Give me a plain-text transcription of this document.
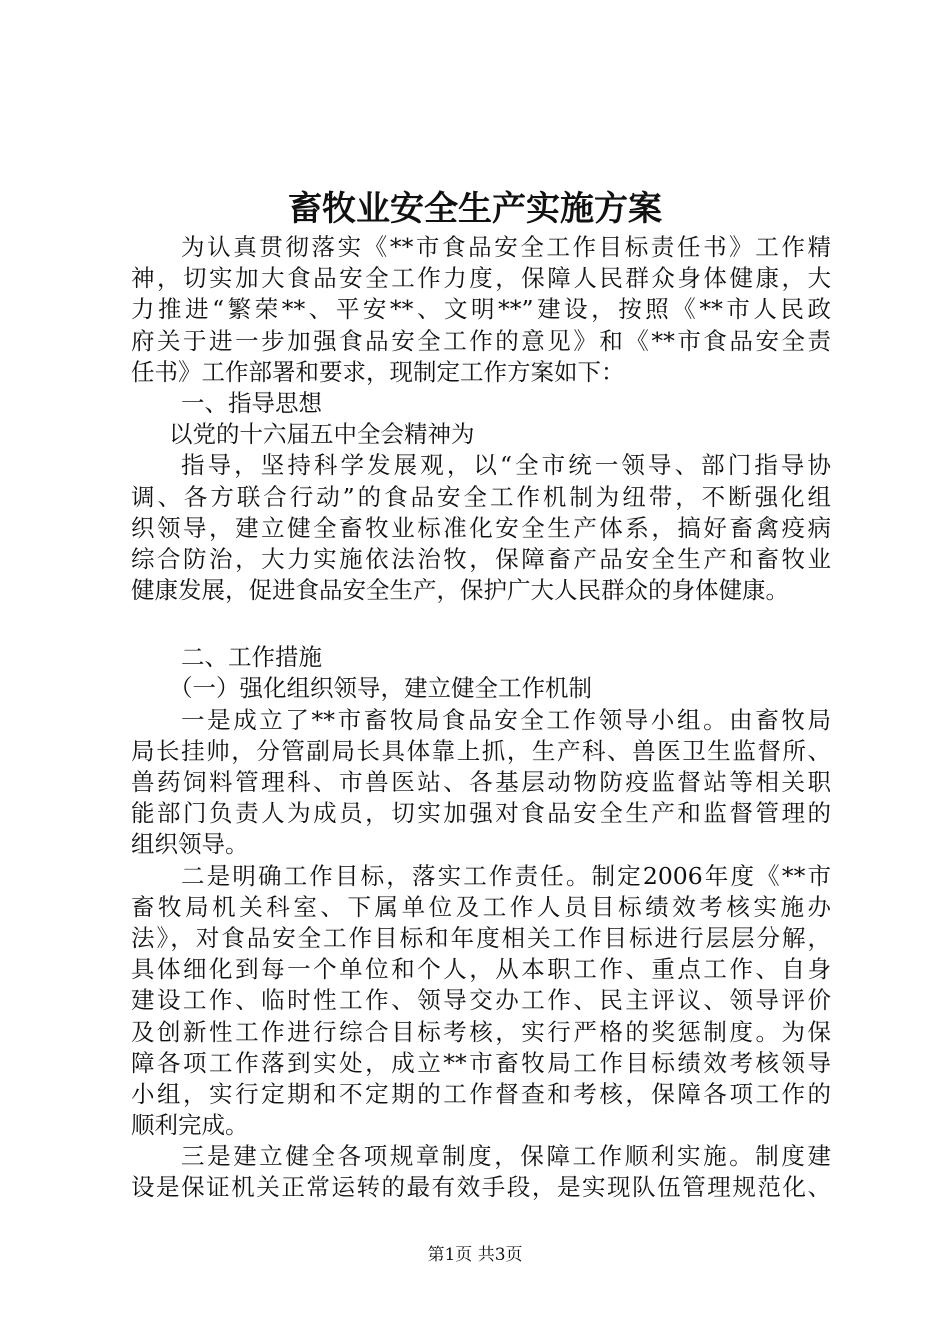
畜牧业安全生产实施方案
为认真贯彻落实《**市食品安全工作目标责任书》工作精
神，切实加大食品安全工作力度，保障人民群众身体健康，大
力推进“繁荣**、平安**、文明**”建设，按照《**市人民政
府关于进一步加强食品安全工作的意见》和《**市食品安全责
任书》工作部署和要求，现制定工作方案如下：
一、指导思想
以党的十六届五中全会精神为
指导，坚持科学发展观，以“全市统一领导、部门指导协
调、各方联合行动”的食品安全工作机制为纽带，不断强化组
织领导，建立健全畜牧业标准化安全生产体系，搞好畜禽疫病
综合防治，大力实施依法治牧，保障畜产品安全生产和畜牧业
健康发展，促进食品安全生产，保护广大人民群众的身体健康。
二、工作措施
（一）强化组织领导，建立健全工作机制
一是成立了**市畜牧局食品安全工作领导小组。由畜牧局
局长挂帅，分管副局长具体靠上抓，生产科、兽医卫生监督所、
兽药饲料管理科、市兽医站、各基层动物防疫监督站等相关职
能部门负责人为成员，切实加强对食品安全生产和监督管理的
组织领导。
二是明确工作目标，落实工作责任。制定2006年度《**市
畜牧局机关科室、下属单位及工作人员目标绩效考核实施办
法》，对食品安全工作目标和年度相关工作目标进行层层分解，
具体细化到每一个单位和个人，从本职工作、重点工作、自身
建设工作、临时性工作、领导交办工作、民主评议、领导评价
及创新性工作进行综合目标考核，实行严格的奖惩制度。为保
障各项工作落到实处，成立**市畜牧局工作目标绩效考核领导
小组，实行定期和不定期的工作督查和考核，保障各项工作的
顺利完成。
三是建立健全各项规章制度，保障工作顺利实施。制度建
设是保证机关正常运转的最有效手段，是实现队伍管理规范化、
第1页 共3页
